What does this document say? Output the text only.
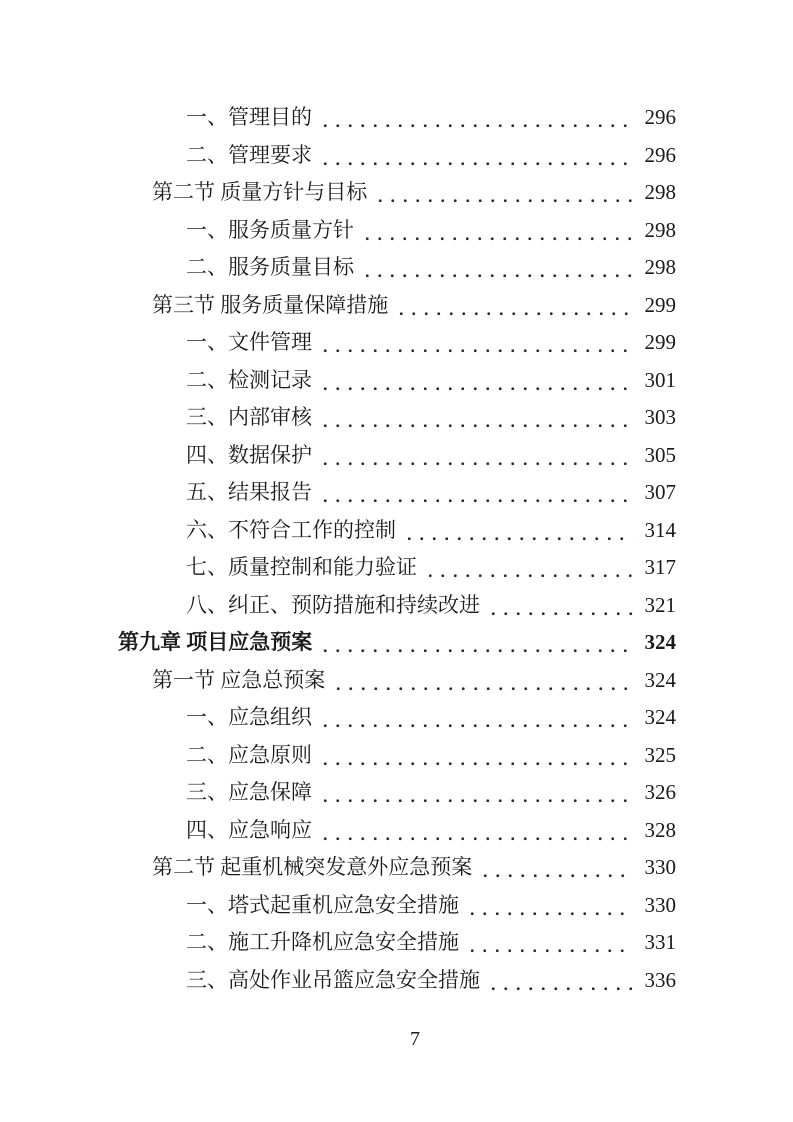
一、管理目的	296
二、管理要求	296
第二节 质量方针与目标	298
一、服务质量方针	298
二、服务质量目标	298
第三节 服务质量保障措施	299
一、文件管理	299
二、检测记录	301
三、内部审核	303
四、数据保护	305
五、结果报告	307
六、不符合工作的控制	314
七、质量控制和能力验证	317
八、纠正、预防措施和持续改进	321
第九章 项目应急预案	324
第一节 应急总预案	324
一、应急组织	324
二、应急原则	325
三、应急保障	326
四、应急响应	328
第二节 起重机械突发意外应急预案	330
一、塔式起重机应急安全措施	330
二、施工升降机应急安全措施	331
三、高处作业吊篮应急安全措施	336
7
